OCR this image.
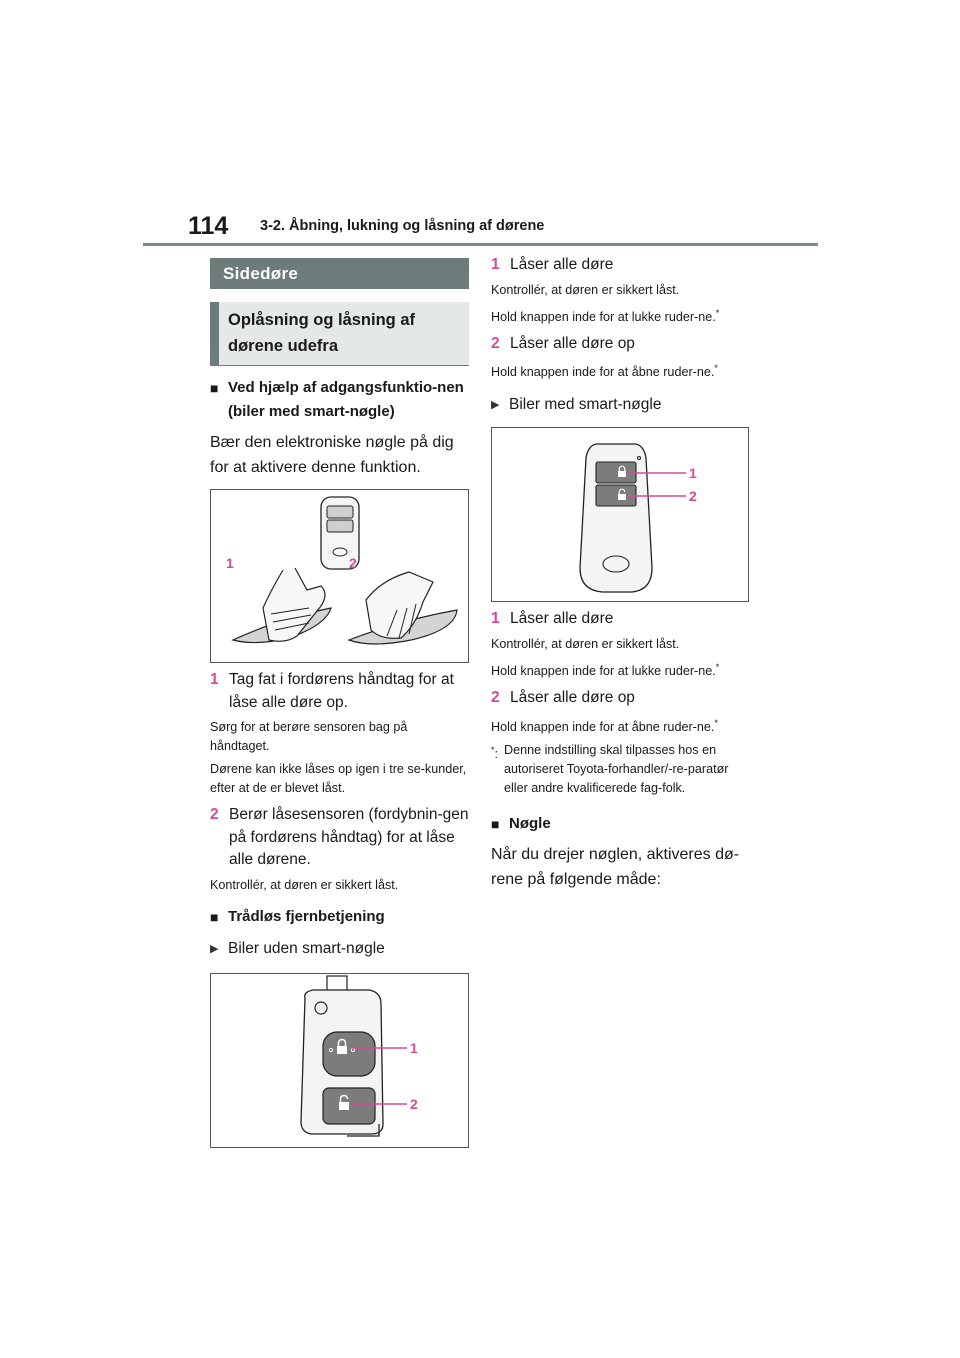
114 3-2. Åbning, lukning og låsning af dørene
Sidedøre
Oplåsning og låsning af dørene udefra
■ Ved hjælp af adgangsfunktio-nen (biler med smart-nøgle)
Bær den elektroniske nøgle på dig for at aktivere denne funktion.
1 Tag fat i fordørens håndtag for at låse alle døre op.
Sørg for at berøre sensoren bag på håndtaget.
Dørene kan ikke låses op igen i tre se-kunder, efter at de er blevet låst.
2 Berør låsesensoren (fordybnin-gen på fordørens håndtag) for at låse alle dørene.
Kontrollér, at døren er sikkert låst.
■ Trådløs fjernbetjening
▶ Biler uden smart-nøgle
1
2
1 Låser alle døre
Kontrollér, at døren er sikkert låst.
Hold knappen inde for at lukke ruder-ne.*
2 Låser alle døre op
Hold knappen inde for at åbne ruder-ne.*
▶ Biler med smart-nøgle
1
2
1 Låser alle døre
Kontrollér, at døren er sikkert låst.
Hold knappen inde for at lukke ruder-ne.*
2 Låser alle døre op
Hold knappen inde for at åbne ruder-ne.*
*: Denne indstilling skal tilpasses hos en autoriseret Toyota-forhandler/-re-paratør eller andre kvalificerede fag-folk.
■ Nøgle
Når du drejer nøglen, aktiveres dø-rene på følgende måde:
1	2
